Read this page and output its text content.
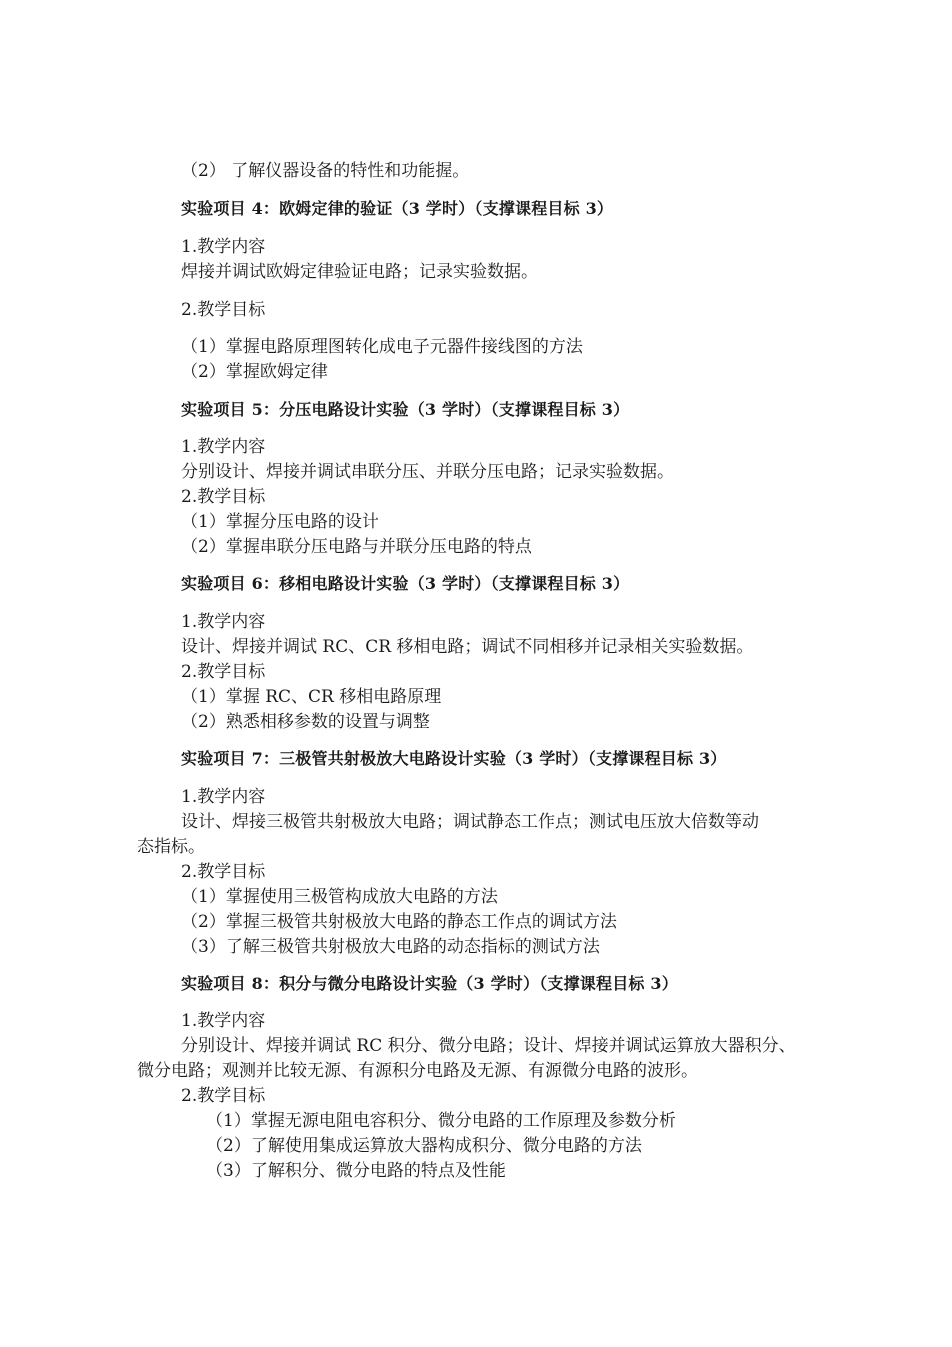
（2） 了解仪器设备的特性和功能握。
实验项目 4：欧姆定律的验证（3 学时）（支撑课程目标 3）
1.教学内容
焊接并调试欧姆定律验证电路；记录实验数据。
2.教学目标
（1）掌握电路原理图转化成电子元器件接线图的方法
（2）掌握欧姆定律
实验项目 5：分压电路设计实验（3 学时）（支撑课程目标 3）
1.教学内容
分别设计、焊接并调试串联分压、并联分压电路；记录实验数据。
2.教学目标
（1）掌握分压电路的设计
（2）掌握串联分压电路与并联分压电路的特点
实验项目 6：移相电路设计实验（3 学时）（支撑课程目标 3）
1.教学内容
设计、焊接并调试 RC、CR 移相电路；调试不同相移并记录相关实验数据。
2.教学目标
（1）掌握 RC、CR 移相电路原理
（2）熟悉相移参数的设置与调整
实验项目 7：三极管共射极放大电路设计实验（3 学时）（支撑课程目标 3）
1.教学内容
设计、焊接三极管共射极放大电路；调试静态工作点；测试电压放大倍数等动
态指标。
2.教学目标
（1）掌握使用三极管构成放大电路的方法
（2）掌握三极管共射极放大电路的静态工作点的调试方法
（3）了解三极管共射极放大电路的动态指标的测试方法
实验项目 8：积分与微分电路设计实验（3 学时）（支撑课程目标 3）
1.教学内容
分别设计、焊接并调试 RC 积分、微分电路；设计、焊接并调试运算放大器积分、
微分电路；观测并比较无源、有源积分电路及无源、有源微分电路的波形。
2.教学目标
（1）掌握无源电阻电容积分、微分电路的工作原理及参数分析
（2）了解使用集成运算放大器构成积分、微分电路的方法
（3）了解积分、微分电路的特点及性能
